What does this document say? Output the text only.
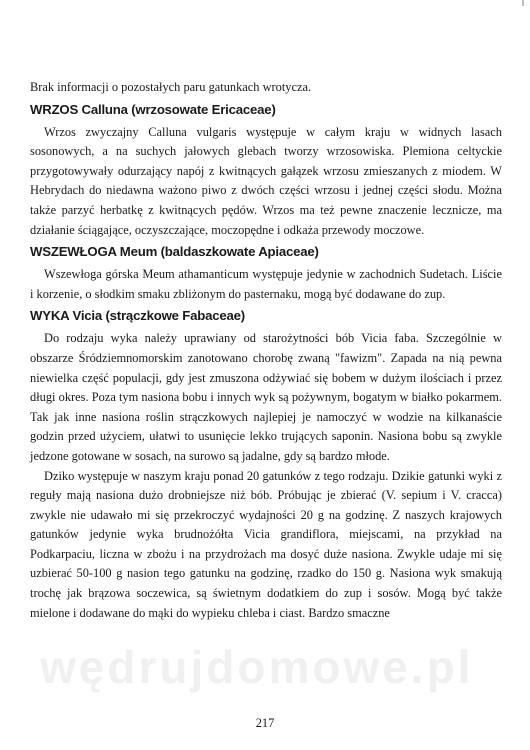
Brak informacji o pozostałych paru gatunkach wrotycza.

WRZOS Calluna (wrzosowate Ericaceae)

Wrzos zwyczajny Calluna vulgaris występuje w całym kraju w widnych lasach sosonowych, a na suchych jałowych glebach tworzy wrzosowiska. Plemiona celtyckie przygotowywały odurzający napój z kwitnących gałązek wrzosu zmieszanych z miodem. W Hebrydach do niedawna ważono piwo z dwóch części wrzosu i jednej części słodu. Można także parzyć herbatkę z kwitnących pędów. Wrzos ma też pewne znaczenie lecznicze, ma działanie ściągające, oczyszczające, moczopędne i odkaża przewody moczowe.

WSZEWŁOGA Meum (baldaszkowate Apiaceae)

Wszewłoga górska Meum athamanticum występuje jedynie w zachodnich Sudetach. Liście i korzenie, o słodkim smaku zbliżonym do pasternaku, mogą być dodawane do zup.

WYKA Vicia (strączkowe Fabaceae)

Do rodzaju wyka należy uprawiany od starożytności bób Vicia faba. Szczególnie w obszarze Śródziemnomorskim zanotowano chorobę zwaną "fawizm". Zapada na nią pewna niewielka część populacji, gdy jest zmuszona odżywiać się bobem w dużym ilościach i przez długi okres. Poza tym nasiona bobu i innych wyk są pożywnym, bogatym w białko pokarmem. Tak jak inne nasiona roślin strączkowych najlepiej je namoczyć w wodzie na kilkanaście godzin przed użyciem, ułatwi to usunięcie lekko trujących saponin. Nasiona bobu są zwykle jedzone gotowane w sosach, na surowo są jadalne, gdy są bardzo młode.

Dziko występuje w naszym kraju ponad 20 gatunków z tego rodzaju. Dzikie gatunki wyki z reguły mają nasiona dużo drobniejsze niż bób. Próbując je zbierać (V. sepium i V. cracca) zwykle nie udawało mi się przekroczyć wydajności 20 g na godzinę. Z naszych krajowych gatunków jedynie wyka brudnożółta Vicia grandiflora, miejscami, na przykład na Podkarpaciu, liczna w zbożu i na przydrożach ma dosyć duże nasiona. Zwykle udaje mi się uzbierać 50-100 g nasion tego gatunku na godzinę, rzadko do 150 g. Nasiona wyk smakują trochę jak brązowa soczewica, są świetnym dodatkiem do zup i sosów. Mogą być także mielone i dodawane do mąki do wypieku chleba i ciast. Bardzo smaczne

wędrujdomowe.pl
217
